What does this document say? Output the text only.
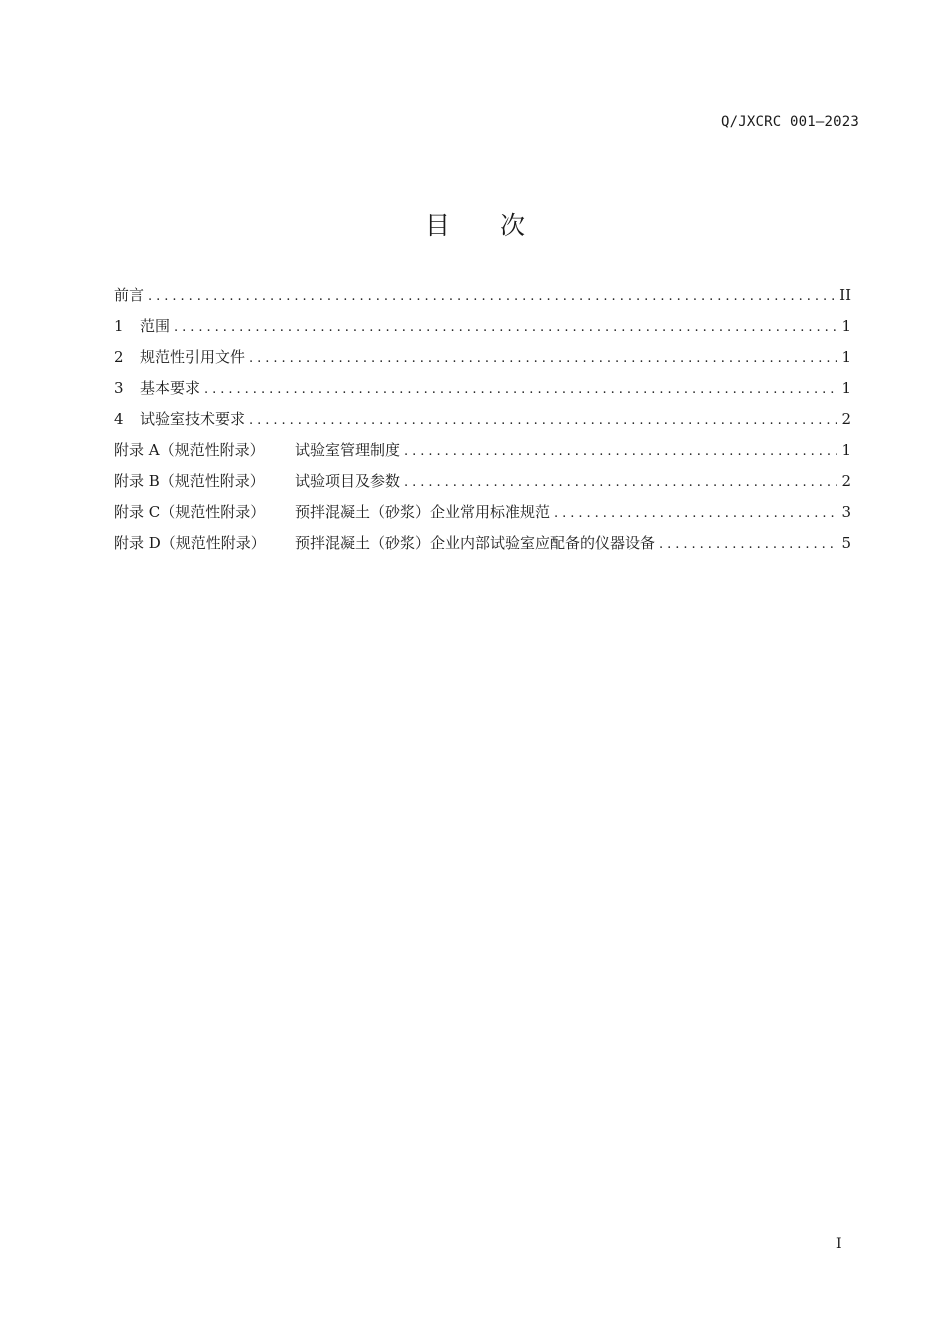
Q/JXCRC 001—2023
目 次
前言 .....	II
1 范围 .....	1
2 规范性引用文件 .....	1
3 基本要求 .....	1
4 试验室技术要求 .....	2
附录 A（规范性附录） 试验室管理制度 .....	1
附录 B（规范性附录） 试验项目及参数 .....	2
附录 C（规范性附录） 预拌混凝土（砂浆）企业常用标准规范 .....	3
附录 D（规范性附录） 预拌混凝土（砂浆）企业内部试验室应配备的仪器设备 .....	5
I
